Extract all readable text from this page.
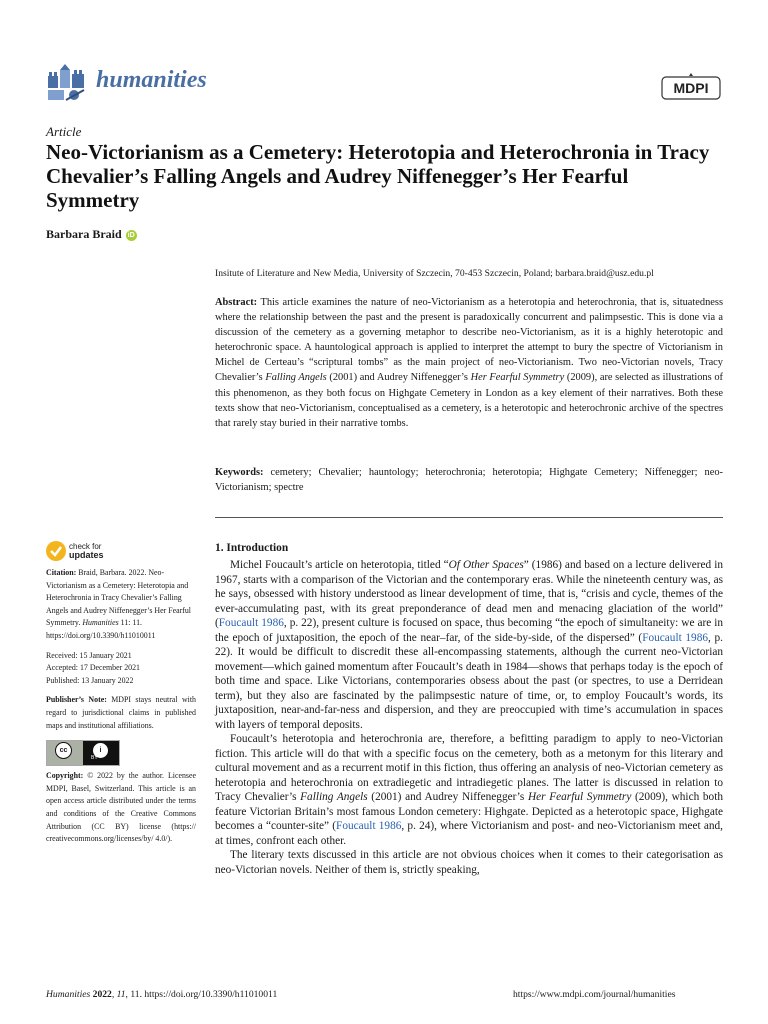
humanities	MDPI
Article
Neo-Victorianism as a Cemetery: Heterotopia and Heterochronia in Tracy Chevalier’s Falling Angels and Audrey Niffenegger’s Her Fearful Symmetry
Barbara Braid iD
Insitute of Literature and New Media, University of Szczecin, 70-453 Szczecin, Poland; barbara.braid@usz.edu.pl

Abstract: This article examines the nature of neo-Victorianism as a heterotopia and heterochronia, that is, situatedness where the relationship between the past and the present is paradoxically concurrent and palimpsestic. This is done via a discussion of the cemetery as a governing metaphor to describe neo-Victorianism, as it is a highly heterotopic and heterochronic space. A hauntological approach is applied to interpret the attempt to bury the spectre of Victorianism in Michel de Certeau’s “scriptural tombs” as the main project of neo-Victorianism. Two neo-Victorian novels, Tracy Chevalier’s Falling Angels (2001) and Audrey Niffenegger’s Her Fearful Symmetry (2009), are selected as illustrations of this phenomenon, as they both focus on Highgate Cemetery in London as a key element of their narratives. Both these texts show that neo-Victorianism, conceptualised as a cemetery, is a heterotopic and heterochronic archive of the spectres that rarely stay buried in their narrative tombs.

Keywords: cemetery; Chevalier; hauntology; heterochronia; heterotopia; Highgate Cemetery; Niffenegger; neo-Victorianism; spectre

check for
updates
Citation: Braid, Barbara. 2022. Neo-Victorianism as a Cemetery: Heterotopia and Heterochronia in Tracy Chevalier’s Falling Angels and Audrey Niffenegger’s Her Fearful Symmetry. Humanities 11: 11. https://doi.org/10.3390/h11010011
Received: 15 January 2021
Accepted: 17 December 2021
Published: 13 January 2022
Publisher’s Note: MDPI stays neutral with regard to jurisdictional claims in published maps and institutional affiliations.
cc	i
BY
Copyright: © 2022 by the author. Licensee MDPI, Basel, Switzerland. This article is an open access article distributed under the terms and conditions of the Creative Commons Attribution (CC BY) license (https:// creativecommons.org/licenses/by/ 4.0/).
1. Introduction

Michel Foucault’s article on heterotopia, titled “Of Other Spaces” (1986) and based on a lecture delivered in 1967, starts with a comparison of the Victorian and the contemporary eras. While the nineteenth century was, as he says, obsessed with history understood as linear development of time, that is, “crisis and cycle, themes of the ever-accumulating past, with its great preponderance of dead men and menacing glaciation of the world” (Foucault 1986, p. 22), present culture is focused on space, thus becoming “the epoch of simultaneity: we are in the epoch of juxtaposition, the epoch of the near–far, of the side-by-side, of the dispersed” (Foucault 1986, p. 22). It would be difficult to discredit these all-encompassing statements, although the current neo-Victorian movement—which gained momentum after Foucault’s death in 1984—shows that perhaps today is the epoch of both time and space. Like Victorians, contemporaries obsess about the past (or spectres, to use a Derridean term), but they also are fascinated by the palimpsestic nature of time, or, to employ Foucault’s words, its juxtaposition, near-and-far-ness and dispersion, and they are preoccupied with time’s accumulation in spaces with layers of temporal deposits.

Foucault’s heterotopia and heterochronia are, therefore, a befitting paradigm to apply to neo-Victorian fiction. This article will do that with a specific focus on the cemetery, both as a metonym for this literary and cultural movement and as a recurrent motif in this fiction, thus offering an analysis of neo-Victorian cemetery as heterotopia and heterochronia on extradiegetic and intradiegetic planes. The latter is discussed in relation to Tracy Chevalier’s Falling Angels (2001) and Audrey Niffenegger’s Her Fearful Symmetry (2009), which both feature Victorian Britain’s most famous London cemetery: Highgate. Depicted as a heterotopic space, Highgate becomes a “counter-site” (Foucault 1986, p. 24), where Victorianism and post- and neo-Victorianism meet and, at times, confront each other.

The literary texts discussed in this article are not obvious choices when it comes to their categorisation as neo-Victorian novels. Neither of them is, strictly speaking,

Humanities 2022, 11, 11. https://doi.org/10.3390/h11010011	https://www.mdpi.com/journal/humanities
